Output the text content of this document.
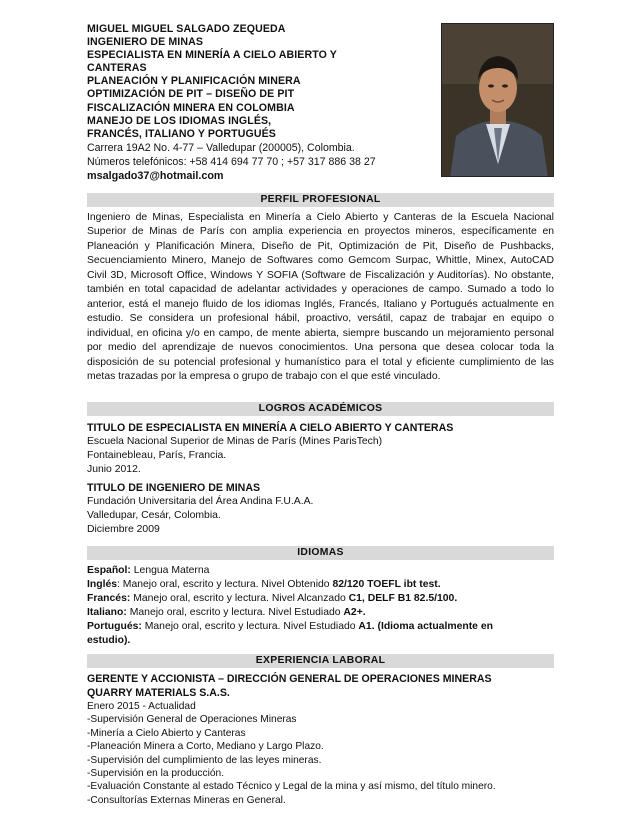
MIGUEL MIGUEL SALGADO ZEQUEDA
INGENIERO DE MINAS
ESPECIALISTA EN MINERÍA A CIELO ABIERTO Y
CANTERAS
PLANEACIÓN Y PLANIFICACIÓN MINERA
OPTIMIZACIÓN DE PIT – DISEÑO DE PIT
FISCALIZACIÓN MINERA EN COLOMBIA
MANEJO DE LOS IDIOMAS INGLÉS,
FRANCÉS, ITALIANO Y PORTUGUÉS
Carrera 19A2 No. 4-77 – Valledupar (200005), Colombia.
Números telefónicos: +58 414 694 77 70 ; +57 317 886 38 27
msalgado37@hotmail.com
PERFIL PROFESIONAL
Ingeniero de Minas, Especialista en Minería a Cielo Abierto y Canteras de la Escuela Nacional Superior de Minas de París con amplia experiencia en proyectos mineros, específicamente en Planeación y Planificación Minera, Diseño de Pit, Optimización de Pit, Diseño de Pushbacks, Secuenciamiento Minero, Manejo de Softwares como Gemcom Surpac, Whittle, Minex, AutoCAD Civil 3D, Microsoft Office, Windows Y SOFIA (Software de Fiscalización y Auditorías). No obstante, también en total capacidad de adelantar actividades y operaciones de campo. Sumado a todo lo anterior, está el manejo fluido de los idiomas Inglés, Francés, Italiano y Portugués actualmente en estudio. Se considera un profesional hábil, proactivo, versátil, capaz de trabajar en equipo o individual, en oficina y/o en campo, de mente abierta, siempre buscando un mejoramiento personal por medio del aprendizaje de nuevos conocimientos. Una persona que desea colocar toda la disposición de su potencial profesional y humanístico para el total y eficiente cumplimiento de las metas trazadas por la empresa o grupo de trabajo con el que esté vinculado.
LOGROS ACADÉMICOS
TITULO DE ESPECIALISTA EN MINERÍA A CIELO ABIERTO Y CANTERAS
Escuela Nacional Superior de Minas de París (Mines ParisTech)
Fontainebleau, París, Francia.
Junio 2012.
TITULO DE INGENIERO DE MINAS
Fundación Universitaria del Área Andina F.U.A.A.
Valledupar, Cesár, Colombia.
Diciembre 2009
IDIOMAS
Español: Lengua Materna
Inglés: Manejo oral, escrito y lectura. Nivel Obtenido 82/120 TOEFL ibt test.
Francés: Manejo oral, escrito y lectura. Nivel Alcanzado C1, DELF B1 82.5/100.
Italiano: Manejo oral, escrito y lectura. Nivel Estudiado A2+.
Portugués: Manejo oral, escrito y lectura. Nivel Estudiado A1. (Idioma actualmente en estudio).
EXPERIENCIA LABORAL
GERENTE Y ACCIONISTA – DIRECCIÓN GENERAL DE OPERACIONES MINERAS
QUARRY MATERIALS S.A.S.
Enero 2015 - Actualidad
-Supervisión General de Operaciones Mineras
-Minería a Cielo Abierto y Canteras
-Planeación Minera a Corto, Mediano y Largo Plazo.
-Supervisión del cumplimiento de las leyes mineras.
-Supervisión en la producción.
-Evaluación Constante al estado Técnico y Legal de la mina y así mismo, del título minero.
-Consultorías Externas Mineras en General.
